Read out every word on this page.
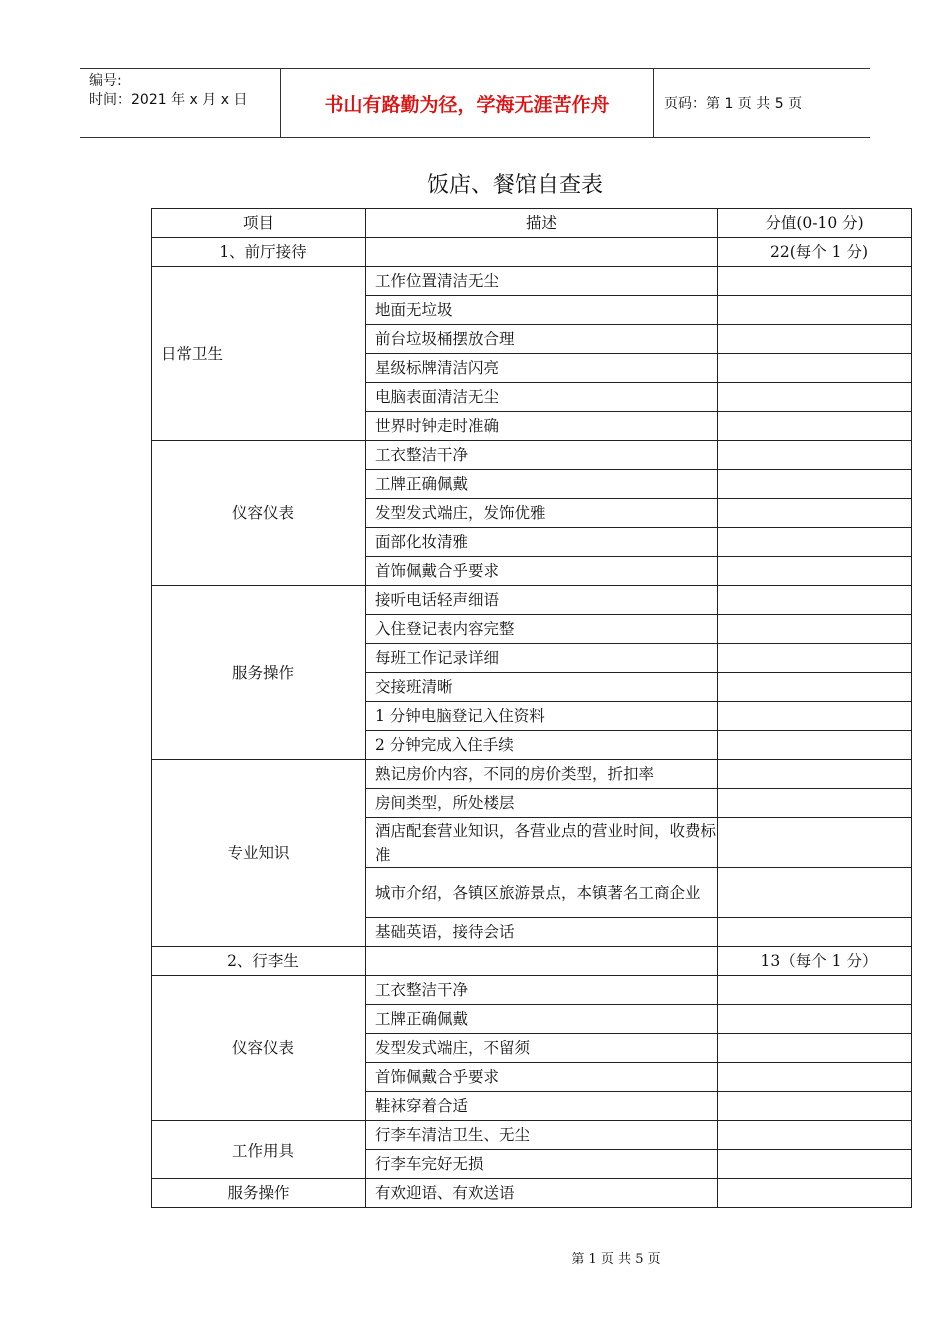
编号:
时间：2021 年 x 月 x 日	书山有路勤为径，学海无涯苦作舟	页码：第 1 页 共 5 页
饭店、餐馆自查表
项目	描述	分值(0-10 分)
1、前厅接待		22(每个 1 分)
日常卫生	工作位置清洁无尘	
	地面无垃圾	
	前台垃圾桶摆放合理	
	星级标牌清洁闪亮	
	电脑表面清洁无尘	
	世界时钟走时准确	
仪容仪表	工衣整洁干净	
	工牌正确佩戴	
	发型发式端庄，发饰优雅	
	面部化妆清雅	
	首饰佩戴合乎要求	
服务操作	接听电话轻声细语	
	入住登记表内容完整	
	每班工作记录详细	
	交接班清晰	
	1 分钟电脑登记入住资料	
	2 分钟完成入住手续	
专业知识	熟记房价内容，不同的房价类型，折扣率	
	房间类型，所处楼层	
	酒店配套营业知识，各营业点的营业时间，收费标准	
	城市介绍，各镇区旅游景点，本镇著名工商企业	
	基础英语，接待会话	
2、行李生		13（每个 1 分）
仪容仪表	工衣整洁干净	
	工牌正确佩戴	
	发型发式端庄，不留须	
	首饰佩戴合乎要求	
	鞋袜穿着合适	
工作用具	行李车清洁卫生、无尘	
	行李车完好无损	
服务操作	有欢迎语、有欢送语	
第 1 页 共 5 页
